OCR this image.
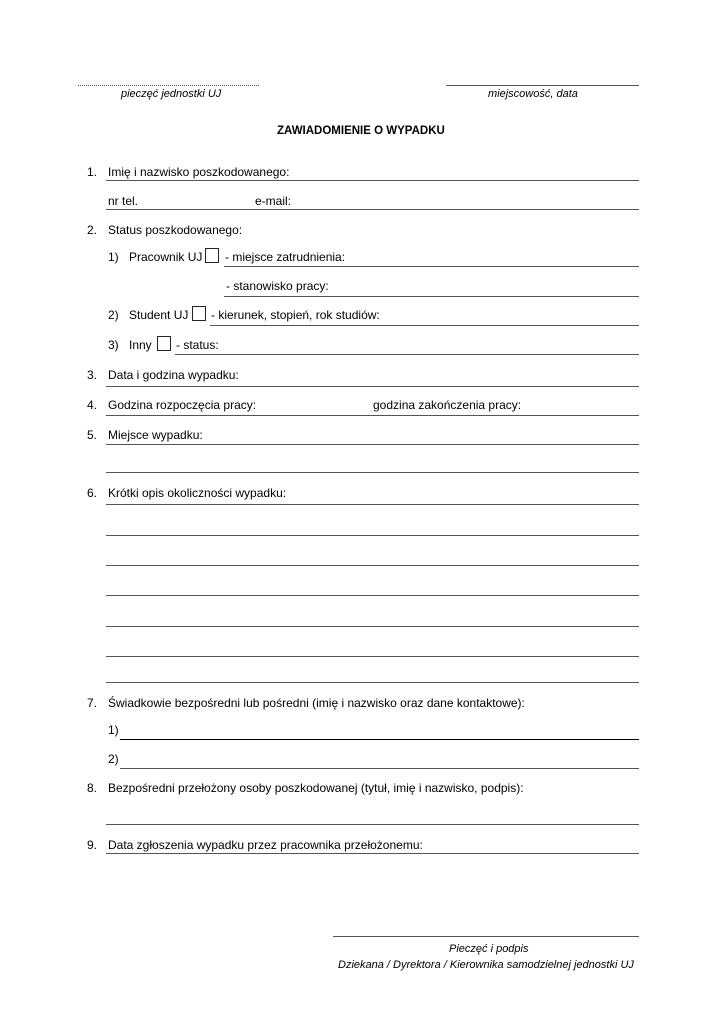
pieczęć jednostki UJ	miejscowość, data
ZAWIADOMIENIE O WYPADKU
1. Imię i nazwisko poszkodowanego:
nr tel.	e-mail:
2. Status poszkodowanego:
1) Pracownik UJ - miejsce zatrudnienia:
- stanowisko pracy:
2) Student UJ - kierunek, stopień, rok studiów:
3) Inny - status:
3. Data i godzina wypadku:
4. Godzina rozpoczęcia pracy:	godzina zakończenia pracy:
5. Miejsce wypadku:
6. Krótki opis okoliczności wypadku:
7. Świadkowie bezpośredni lub pośredni (imię i nazwisko oraz dane kontaktowe):
1)
2)
8. Bezpośredni przełożony osoby poszkodowanej (tytuł, imię i nazwisko, podpis):
9. Data zgłoszenia wypadku przez pracownika przełożonemu:
Pieczęć i podpis
Dziekana / Dyrektora / Kierownika samodzielnej jednostki UJ
